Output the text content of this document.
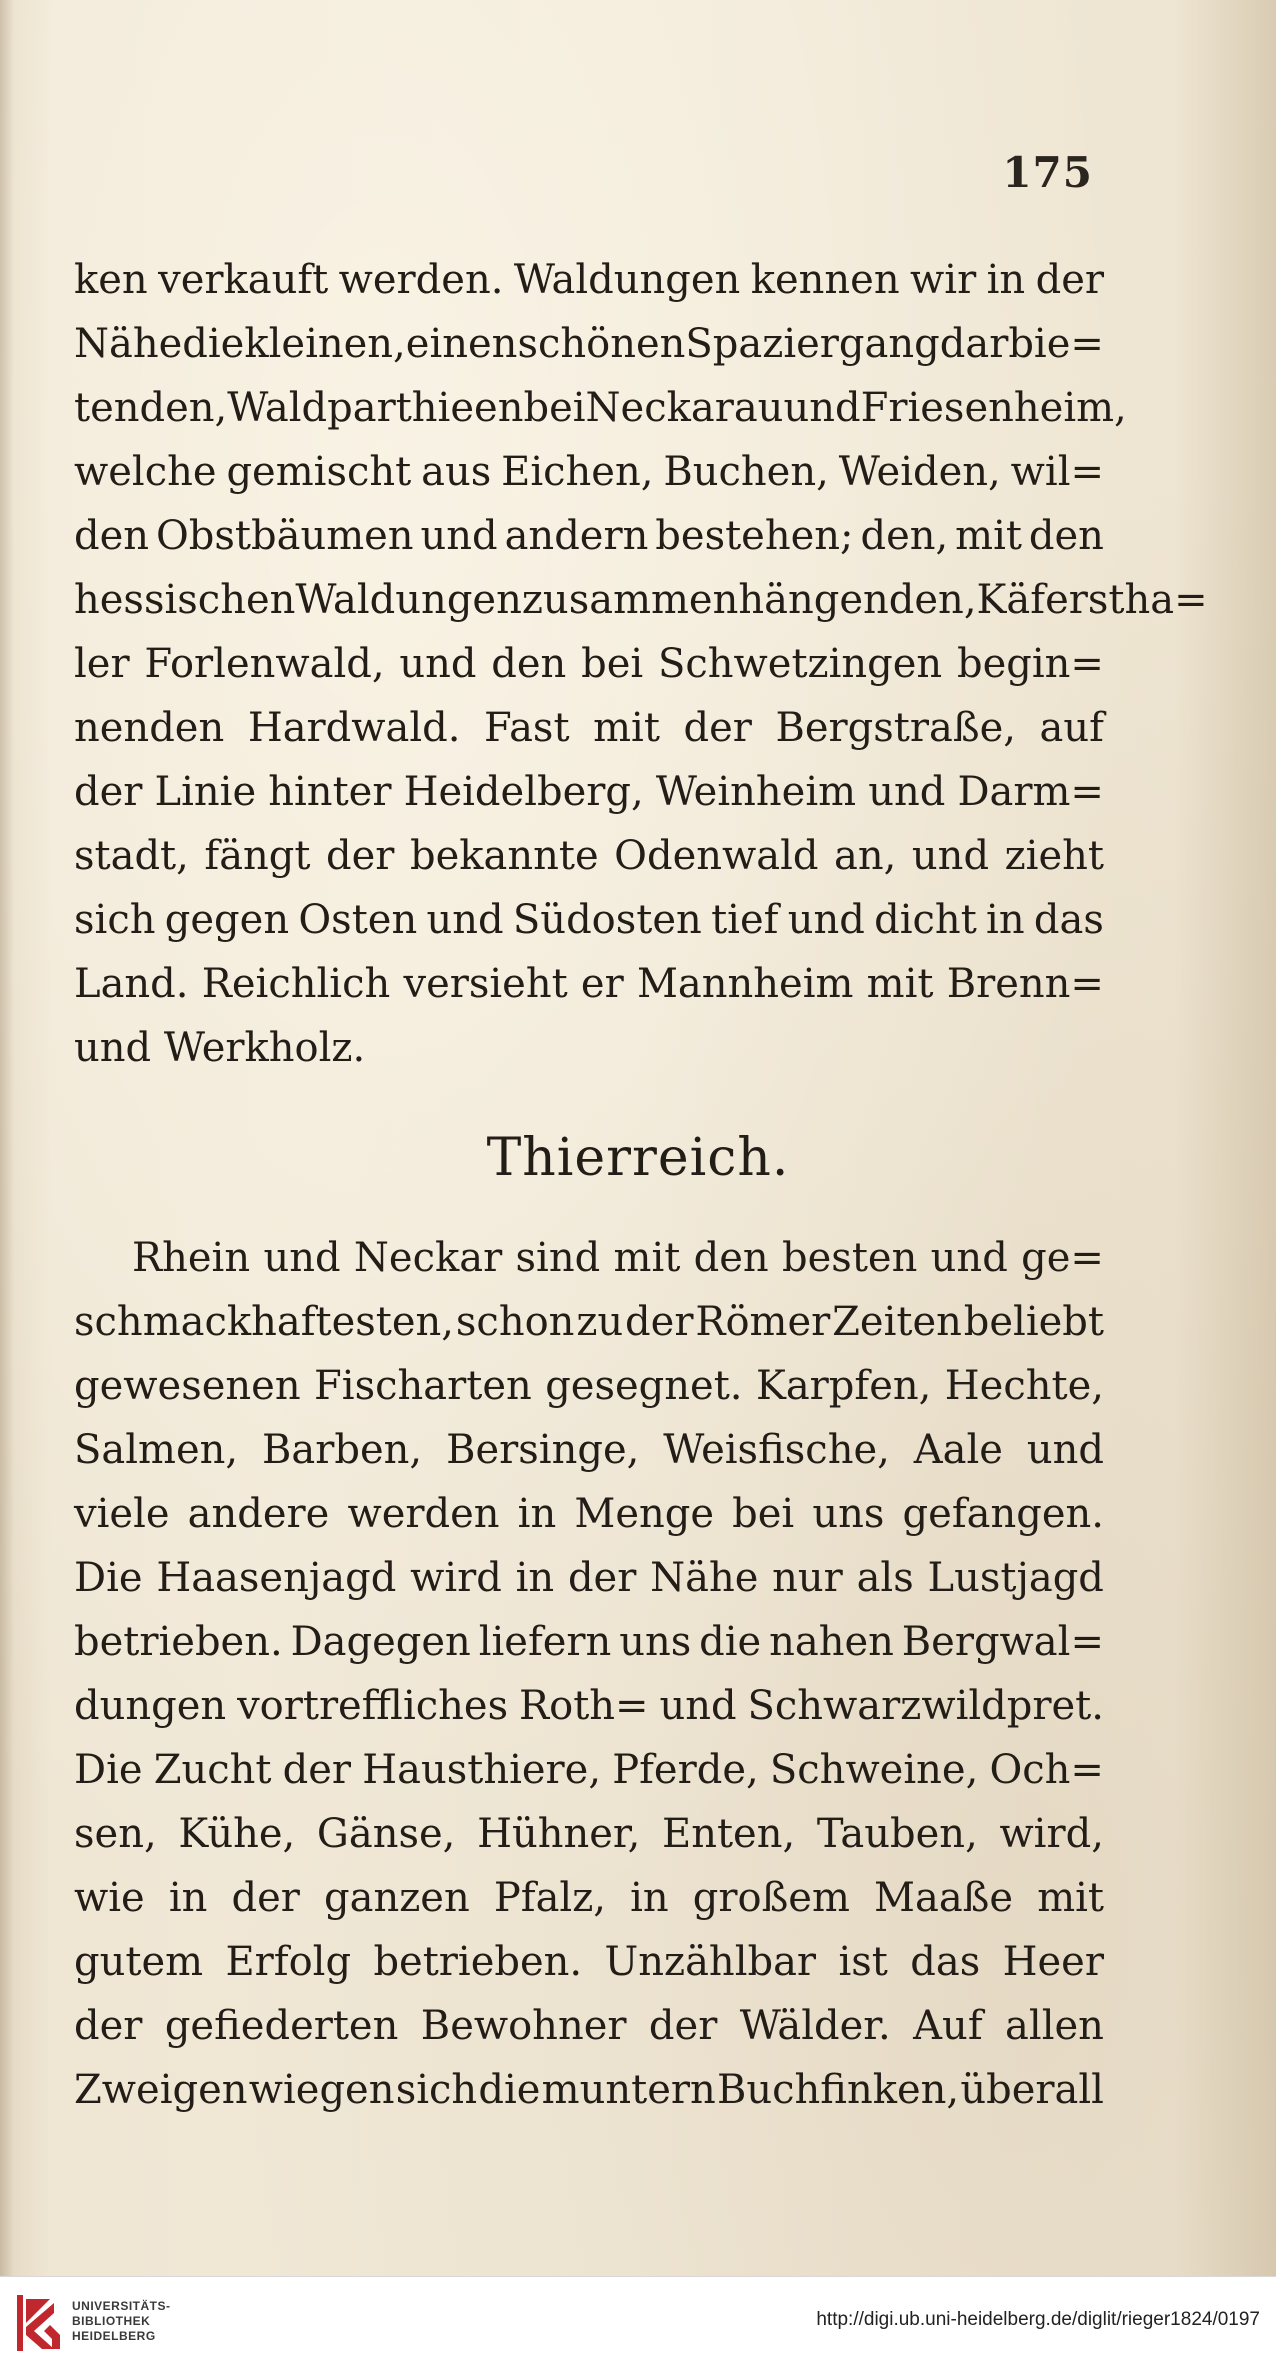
175
ken verkauft werden. Waldungen kennen wir in der
Nähe die kleinen, einen schönen Spaziergang darbie=
tenden, Waldparthieen bei Neckarau und Friesenheim,
welche gemischt aus Eichen, Buchen, Weiden, wil=
den Obstbäumen und andern bestehen; den, mit den
hessischen Waldungen zusammenhängenden, Käferstha=
ler Forlenwald, und den bei Schwetzingen begin=
nenden Hardwald. Fast mit der Bergstraße, auf
der Linie hinter Heidelberg, Weinheim und Darm=
stadt, fängt der bekannte Odenwald an, und zieht
sich gegen Osten und Südosten tief und dicht in das
Land. Reichlich versieht er Mannheim mit Brenn=
und Werkholz.
Thierreich.
Rhein und Neckar sind mit den besten und ge=
schmackhaftesten, schon zu der Römer Zeiten beliebt
gewesenen Fischarten gesegnet. Karpfen, Hechte,
Salmen, Barben, Bersinge, Weisfische, Aale und
viele andere werden in Menge bei uns gefangen.
Die Haasenjagd wird in der Nähe nur als Lustjagd
betrieben. Dagegen liefern uns die nahen Bergwal=
dungen vortreffliches Roth= und Schwarzwildpret.
Die Zucht der Hausthiere, Pferde, Schweine, Och=
sen, Kühe, Gänse, Hühner, Enten, Tauben, wird,
wie in der ganzen Pfalz, in großem Maaße mit
gutem Erfolg betrieben. Unzählbar ist das Heer
der gefiederten Bewohner der Wälder. Auf allen
Zweigen wiegen sich die muntern Buchfinken, überall
UNIVERSITÄTS-
BIBLIOTHEK
HEIDELBERG
http://digi.ub.uni-heidelberg.de/diglit/rieger1824/0197
